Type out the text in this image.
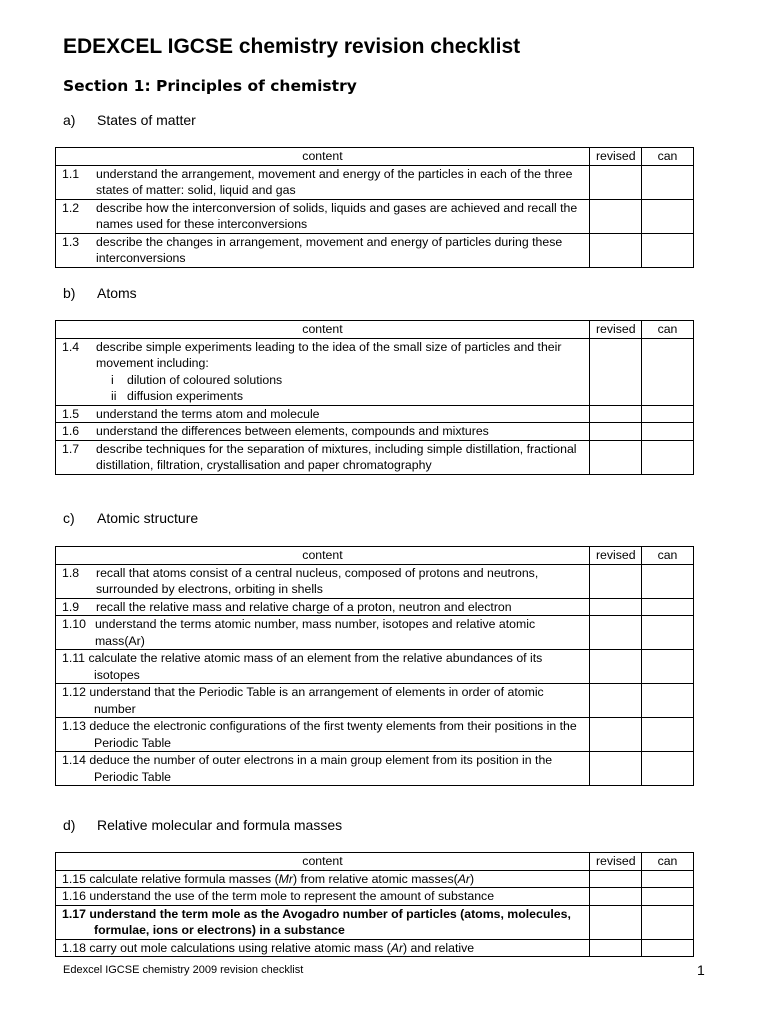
EDEXCEL IGCSE chemistry revision checklist
Section 1: Principles of chemistry

a) States of matter

content	revised	can

1.1 understand the arrangement, movement and energy of the particles in each of the three states of matter: solid, liquid and gas		

1.2 describe how the interconversion of solids, liquids and gases are achieved and recall the names used for these interconversions		

1.3 describe the changes in arrangement, movement and energy of particles during these interconversions		

b) Atoms

content	revised	can

1.4 describe simple experiments leading to the idea of the small size of particles and their movement including:
i dilution of coloured solutions
ii diffusion experiments		

1.5 understand the terms atom and molecule		

1.6 understand the differences between elements, compounds and mixtures		

1.7 describe techniques for the separation of mixtures, including simple distillation, fractional distillation, filtration, crystallisation and paper chromatography		

c) Atomic structure

content	revised	can

1.8 recall that atoms consist of a central nucleus, composed of protons and neutrons, surrounded by electrons, orbiting in shells		

1.9 recall the relative mass and relative charge of a proton, neutron and electron		

1.10 understand the terms atomic number, mass number, isotopes and relative atomic mass(Ar)		

1.11 calculate the relative atomic mass of an element from the relative abundances of its isotopes		

1.12 understand that the Periodic Table is an arrangement of elements in order of atomic number		

1.13 deduce the electronic configurations of the first twenty elements from their positions in the Periodic Table		

1.14 deduce the number of outer electrons in a main group element from its position in the Periodic Table		

d) Relative molecular and formula masses

content	revised	can

1.15 calculate relative formula masses (Mr) from relative atomic masses(Ar)		

1.16 understand the use of the term mole to represent the amount of substance		

1.17 understand the term mole as the Avogadro number of particles (atoms, molecules, formulae, ions or electrons) in a substance		

1.18 carry out mole calculations using relative atomic mass (Ar) and relative		

Edexcel IGCSE chemistry 2009 revision checklist	1
